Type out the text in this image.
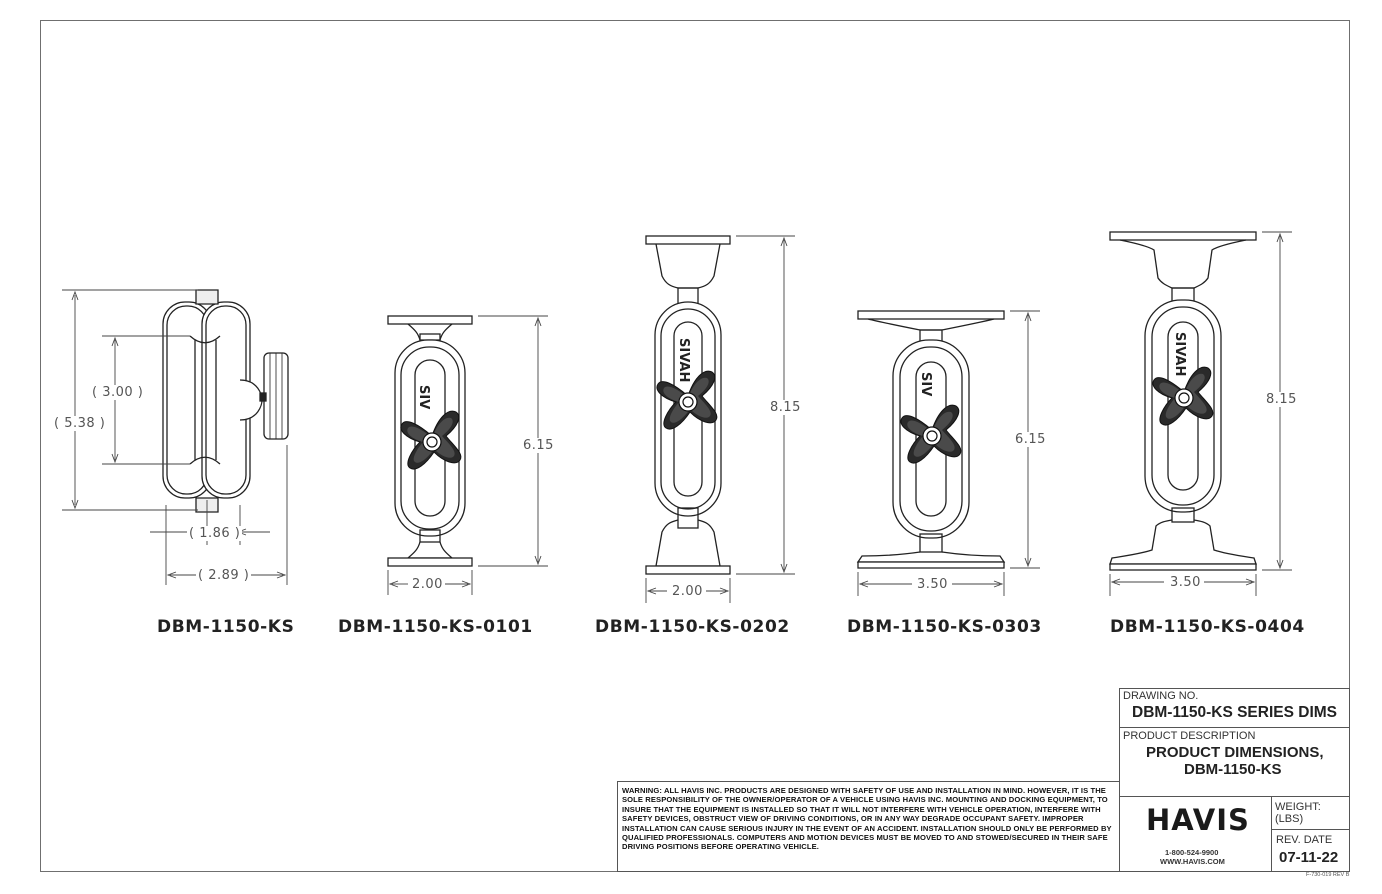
SIV
SIVAH
SIV
SIVAH
( 5.38 )
( 3.00 )
( 1.86 )
( 2.89 )
6.15
2.00
8.15
2.00
6.15
3.50
8.15
3.50
DBM-1150-KS	DBM-1150-KS-0101	DBM-1150-KS-0202	DBM-1150-KS-0303	DBM-1150-KS-0404
DRAWING NO.
DBM-1150-KS SERIES DIMS
PRODUCT DESCRIPTION
PRODUCT DIMENSIONS,
DBM-1150-KS
WARNING: ALL HAVIS INC. PRODUCTS ARE DESIGNED WITH SAFETY OF USE AND INSTALLATION IN MIND. HOWEVER, IT IS THE SOLE RESPONSIBILITY OF THE OWNER/OPERATOR OF A VEHICLE USING HAVIS INC. MOUNTING AND DOCKING EQUIPMENT, TO INSURE THAT THE EQUIPMENT IS INSTALLED SO THAT IT WILL NOT INTERFERE WITH VEHICLE OPERATION, INTERFERE WITH SAFETY DEVICES, OBSTRUCT VIEW OF DRIVING CONDITIONS, OR IN ANY WAY DEGRADE OCCUPANT SAFETY. IMPROPER INSTALLATION CAN CAUSE SERIOUS INJURY IN THE EVENT OF AN ACCIDENT. INSTALLATION SHOULD ONLY BE PERFORMED BY QUALIFIED PROFESSIONALS. COMPUTERS AND MOTION DEVICES MUST BE MOVED TO AND STOWED/SECURED IN THEIR SAFE DRIVING POSITIONS BEFORE OPERATING VEHICLE.
HAVIS
1-800-524-9900
WWW.HAVIS.COM
WEIGHT: (LBS)
REV. DATE
07-11-22
F-730-019 REV B
